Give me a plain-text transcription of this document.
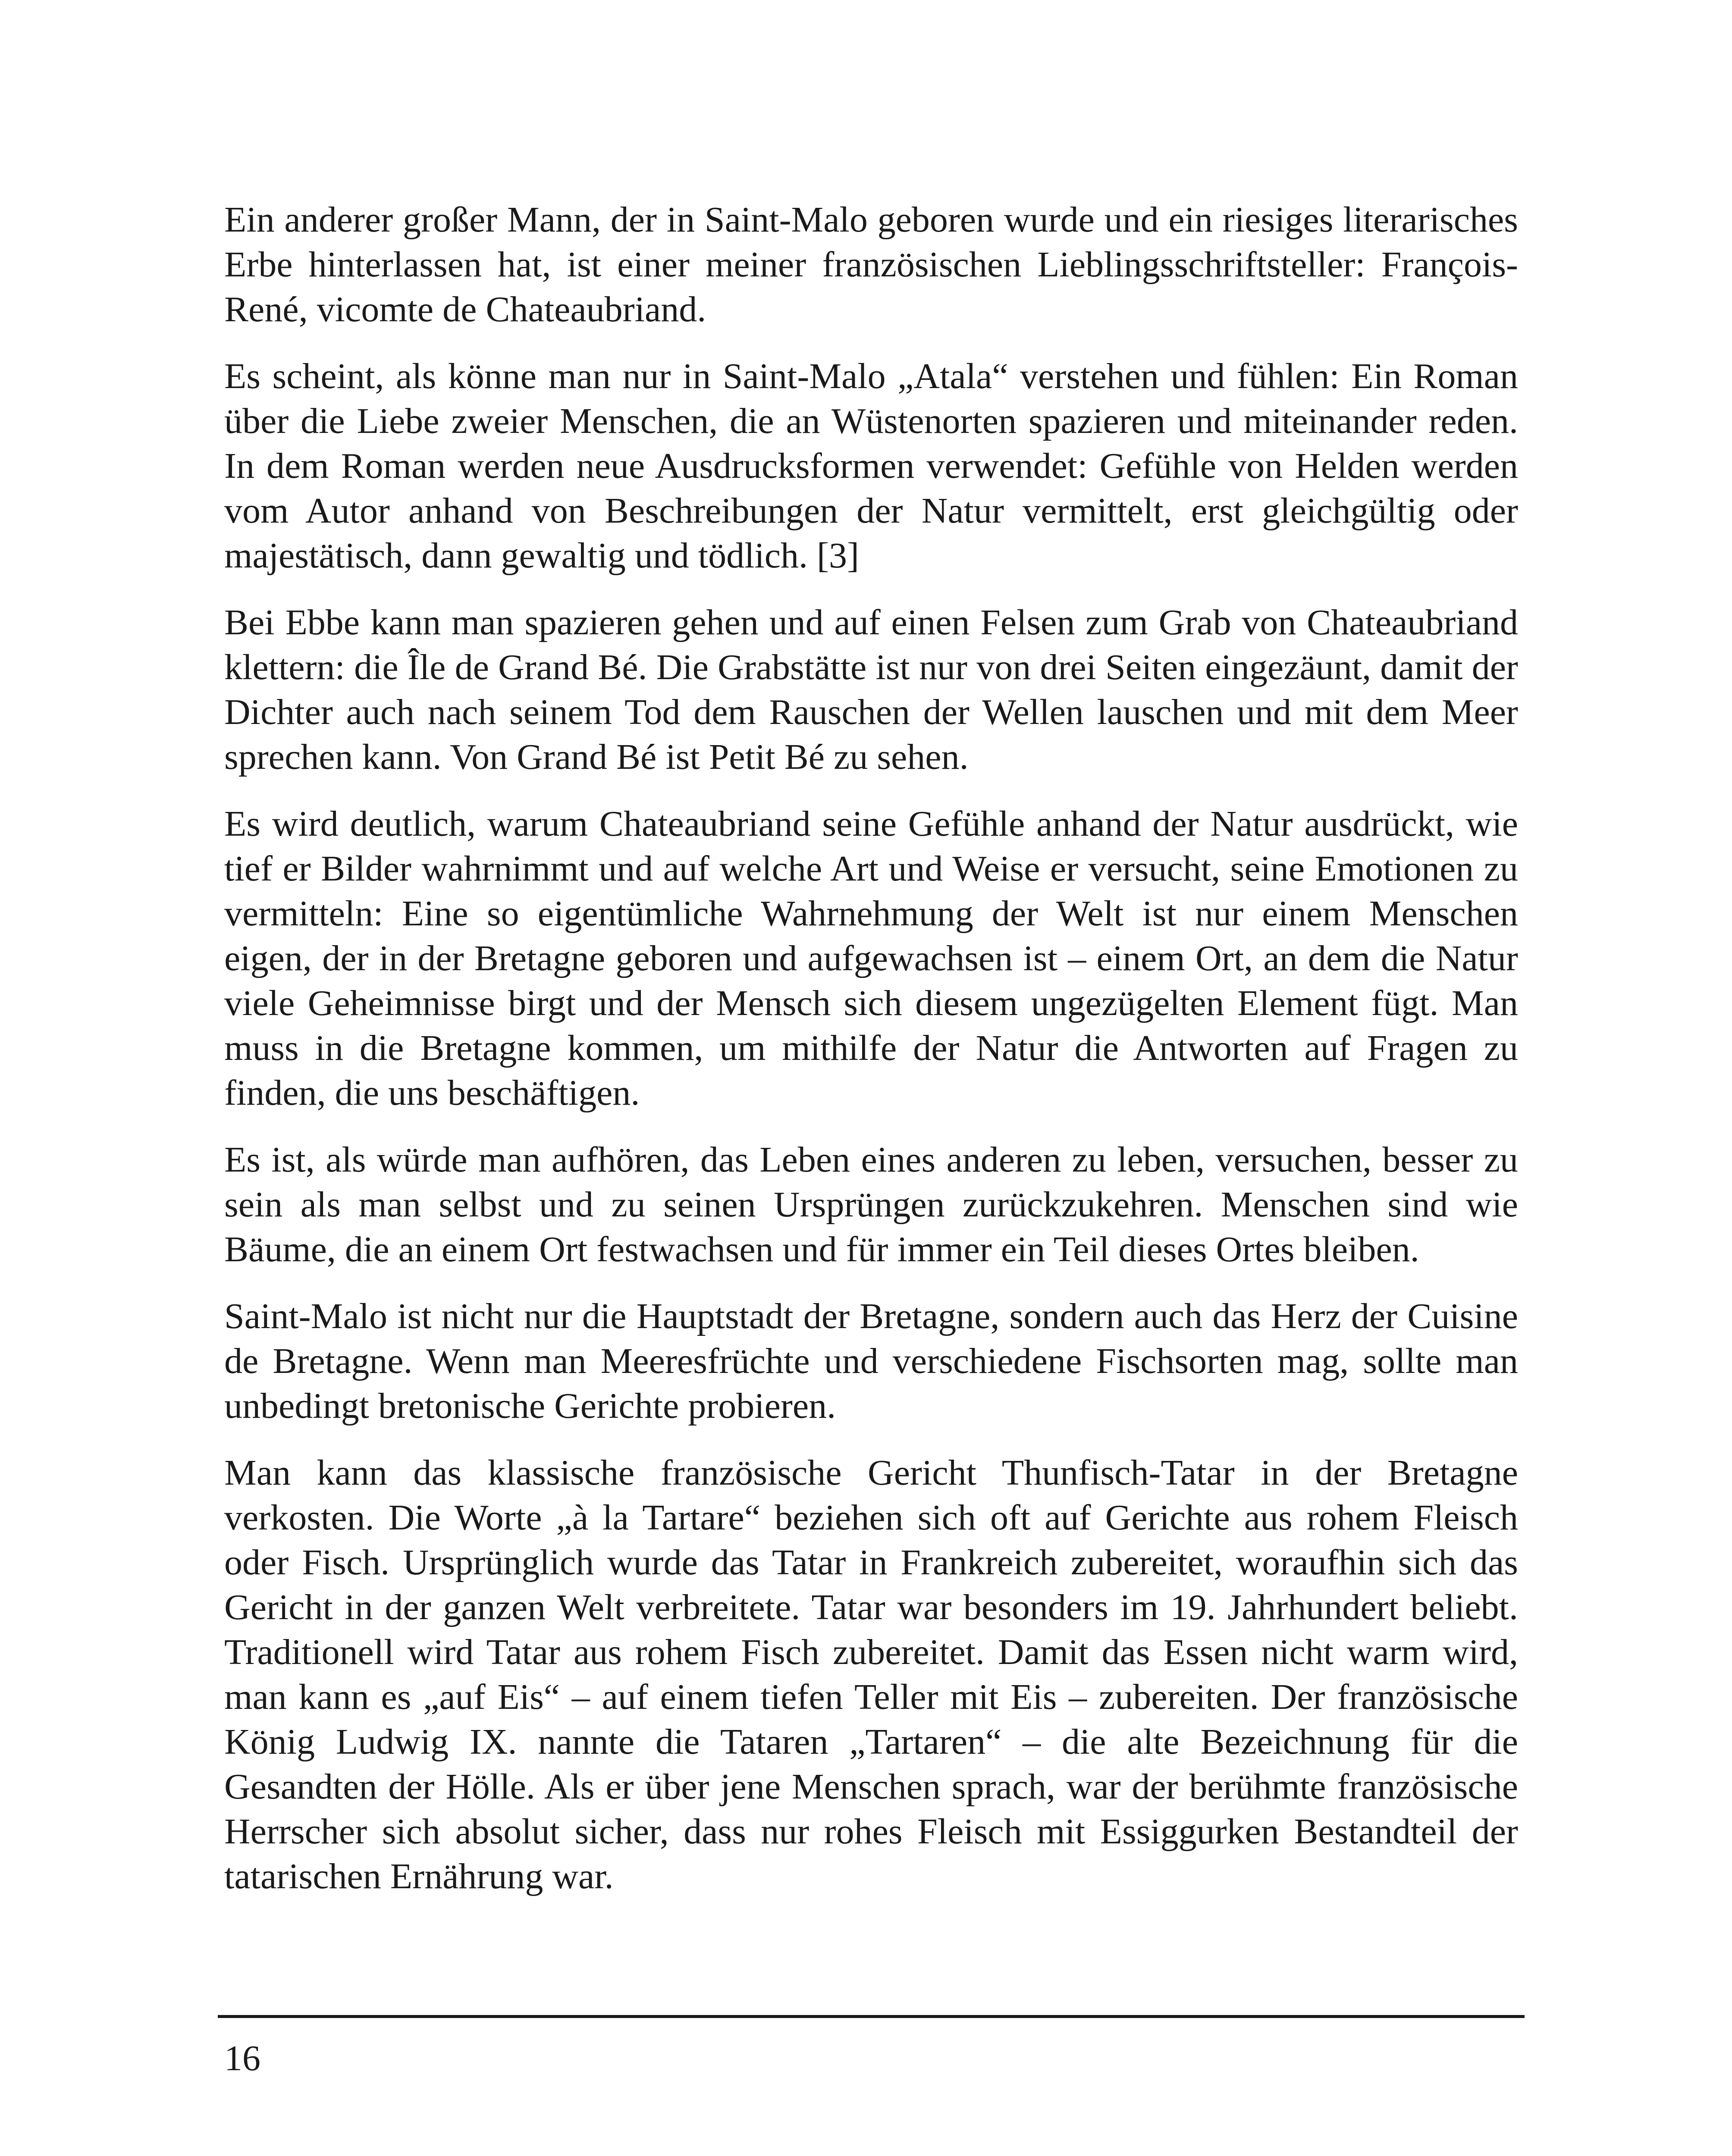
Ein anderer großer Mann, der in Saint-Malo geboren wurde und ein riesiges literarisches Erbe hinterlassen hat, ist einer meiner französischen Lieblingsschriftsteller: François-René, vicomte de Chateaubriand.

Es scheint, als könne man nur in Saint-Malo „Atala“ verstehen und fühlen: Ein Roman über die Liebe zweier Menschen, die an Wüstenorten spazieren und miteinander reden. In dem Roman werden neue Ausdrucksformen verwendet: Gefühle von Helden werden vom Autor anhand von Beschreibungen der Natur vermittelt, erst gleichgültig oder majestätisch, dann gewaltig und tödlich. [3]

Bei Ebbe kann man spazieren gehen und auf einen Felsen zum Grab von Chateaubriand klettern: die Île de Grand Bé. Die Grabstätte ist nur von drei Seiten eingezäunt, damit der Dichter auch nach seinem Tod dem Rauschen der Wellen lauschen und mit dem Meer sprechen kann. Von Grand Bé ist Petit Bé zu sehen.

Es wird deutlich, warum Chateaubriand seine Gefühle anhand der Natur ausdrückt, wie tief er Bilder wahrnimmt und auf welche Art und Weise er versucht, seine Emotionen zu vermitteln: Eine so eigentümliche Wahrnehmung der Welt ist nur einem Menschen eigen, der in der Bretagne geboren und aufgewachsen ist – einem Ort, an dem die Natur viele Geheimnisse birgt und der Mensch sich diesem ungezügelten Element fügt. Man muss in die Bretagne kommen, um mithilfe der Natur die Antworten auf Fragen zu finden, die uns beschäftigen.

Es ist, als würde man aufhören, das Leben eines anderen zu leben, versuchen, besser zu sein als man selbst und zu seinen Ursprüngen zurückzukehren. Menschen sind wie Bäume, die an einem Ort festwachsen und für immer ein Teil dieses Ortes bleiben.

Saint-Malo ist nicht nur die Hauptstadt der Bretagne, sondern auch das Herz der Cuisine de Bretagne. Wenn man Meeresfrüchte und verschiedene Fischsorten mag, sollte man unbedingt bretonische Gerichte probieren.

Man kann das klassische französische Gericht Thunfisch-Tatar in der Bretagne verkosten. Die Worte „à la Tartare“ beziehen sich oft auf Gerichte aus rohem Fleisch oder Fisch. Ursprünglich wurde das Tatar in Frankreich zubereitet, woraufhin sich das Gericht in der ganzen Welt verbreitete. Tatar war besonders im 19. Jahrhundert beliebt. Traditionell wird Tatar aus rohem Fisch zubereitet. Damit das Essen nicht warm wird, man kann es „auf Eis“ – auf einem tiefen Teller mit Eis – zubereiten. Der französische König Ludwig IX. nannte die Tataren „Tartaren“ – die alte Bezeichnung für die Gesandten der Hölle. Als er über jene Menschen sprach, war der berühmte französische Herrscher sich absolut sicher, dass nur rohes Fleisch mit Essiggurken Bestandteil der tatarischen Ernährung war.

16
